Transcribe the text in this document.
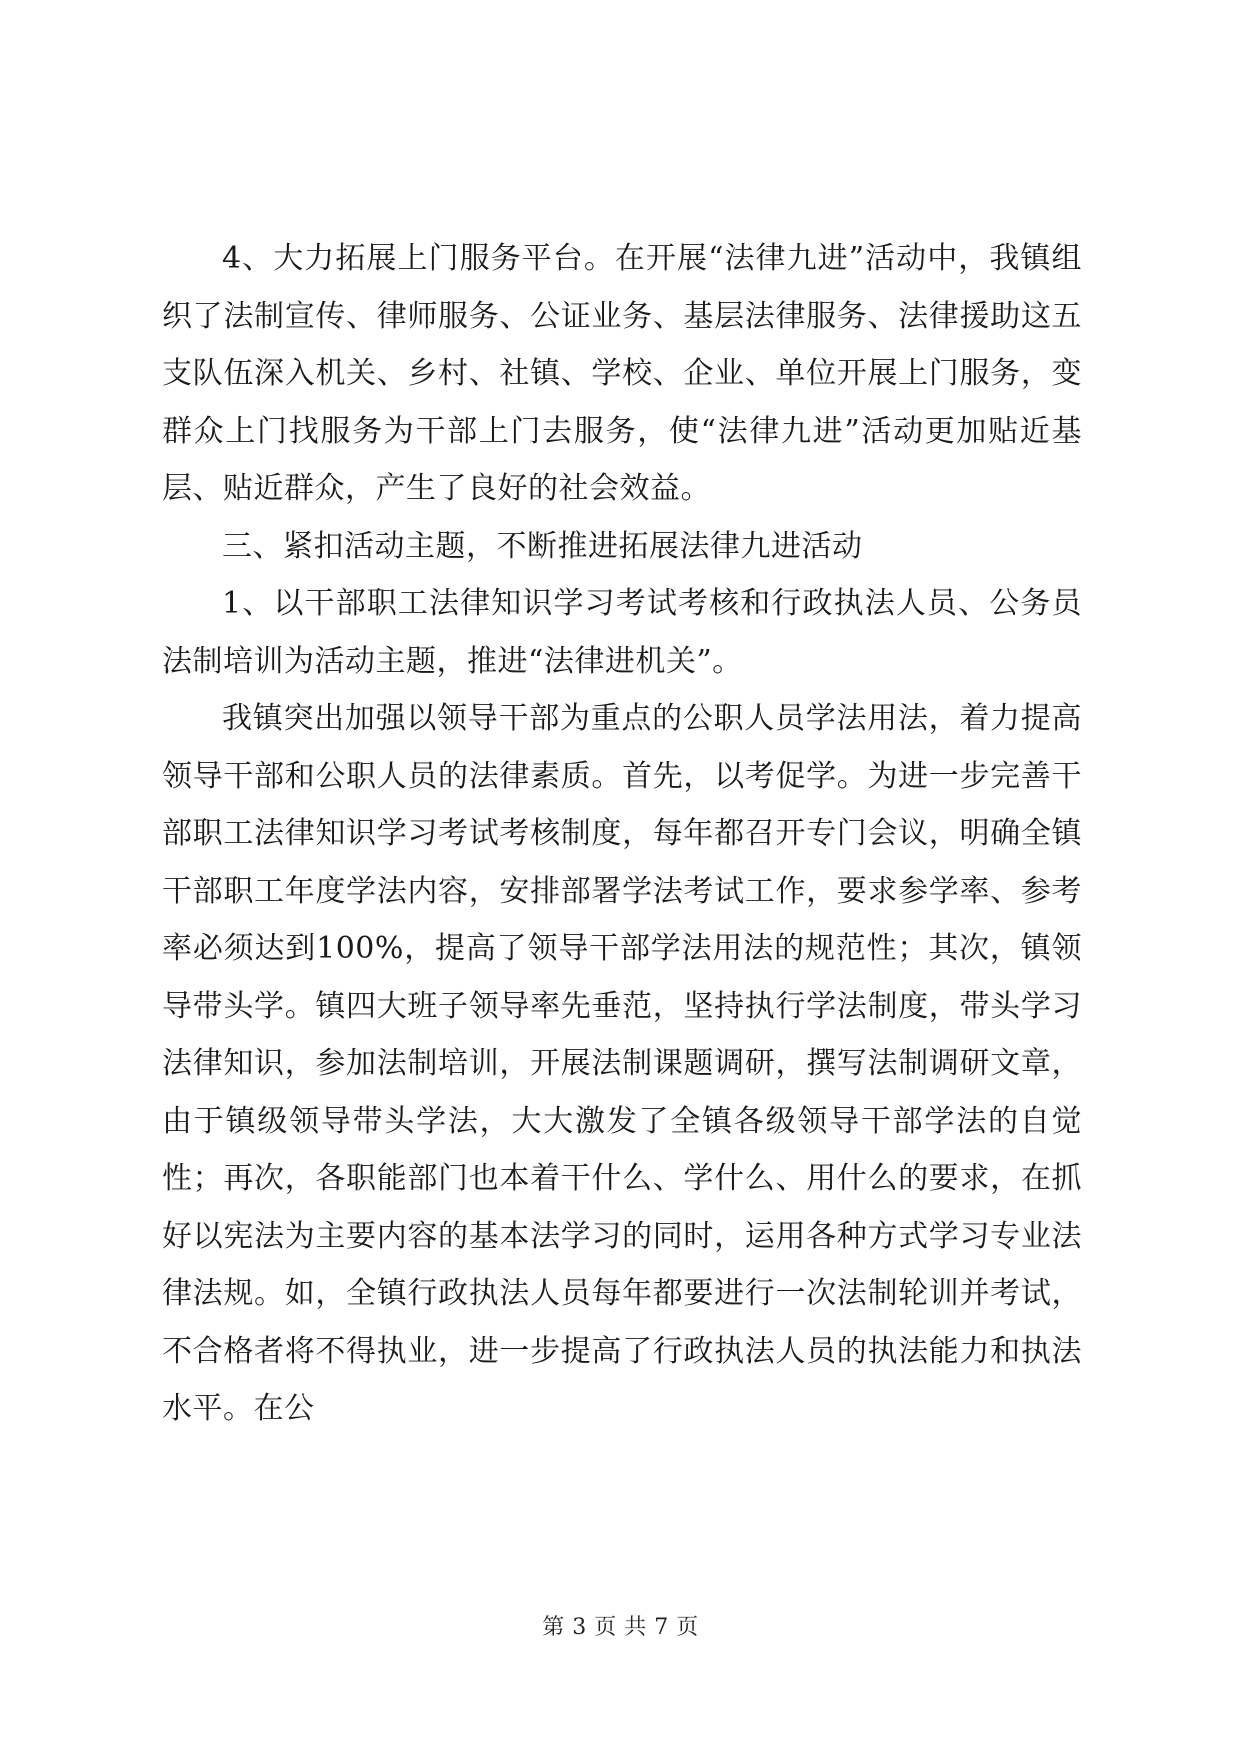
4、大力拓展上门服务平台。在开展“法律九进”活动中，我镇组织了法制宣传、律师服务、公证业务、基层法律服务、法律援助这五支队伍深入机关、乡村、社镇、学校、企业、单位开展上门服务，变群众上门找服务为干部上门去服务，使“法律九进”活动更加贴近基层、贴近群众，产生了良好的社会效益。

三、紧扣活动主题，不断推进拓展法律九进活动

1、以干部职工法律知识学习考试考核和行政执法人员、公务员法制培训为活动主题，推进“法律进机关”。

我镇突出加强以领导干部为重点的公职人员学法用法，着力提高领导干部和公职人员的法律素质。首先，以考促学。为进一步完善干部职工法律知识学习考试考核制度，每年都召开专门会议，明确全镇干部职工年度学法内容，安排部署学法考试工作，要求参学率、参考率必须达到100%，提高了领导干部学法用法的规范性；其次，镇领导带头学。镇四大班子领导率先垂范，坚持执行学法制度，带头学习法律知识，参加法制培训，开展法制课题调研，撰写法制调研文章，由于镇级领导带头学法，大大激发了全镇各级领导干部学法的自觉性；再次，各职能部门也本着干什么、学什么、用什么的要求，在抓好以宪法为主要内容的基本法学习的同时，运用各种方式学习专业法律法规。如，全镇行政执法人员每年都要进行一次法制轮训并考试，不合格者将不得执业，进一步提高了行政执法人员的执法能力和执法水平。在公

第 3 页 共 7 页
